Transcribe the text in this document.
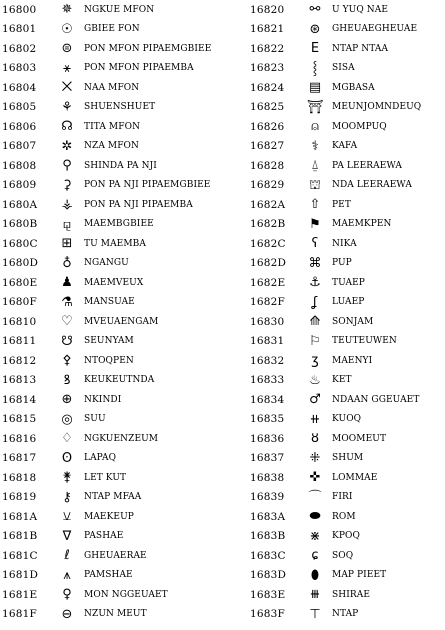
16800	✵	NGKUE MFON
16801	☉	GBIEE FON
16802	⊜	PON MFON PIPAEMGBIEE
16803	⚹	PON MFON PIPAEMBA
16804	⨉	NAA MFON
16805	⚘	SHUENSHUET
16806	☊	TITA MFON
16807	✲	NZA MFON
16808	⚲	SHINDA PA NJI
16809	⚳	PON PA NJI PIPAEMGBIEE
1680A	⚶	PON PA NJI PIPAEMBA
1680B	⚼	MAEMBGBIEE
1680C	⊞	TU MAEMBA
1680D	♁	NGANGU
1680E	♟	MAEMVEUX
1680F	⚗	MANSUAE
16810	♡	MVEUAENGAM
16811	☋	SEUNYAM
16812	⚴	NTOQPEN
16813	ꝸ	KEUKEUTNDA
16814	⊕	NKINDI
16815	◎	SUU
16816	♢	NGKUENZEUM
16817	ʘ	LAPAQ
16818	⚵	LET KUT
16819	⚷	NTAP MFAA
1681A	⚺	MAEKEUP
1681B	∇	PASHAE
1681C	ℓ	GHEUAERAE
1681D	⩚	PAMSHAE
1681E	♀	MON NGGEUAET
1681F	⊖	NZUN MEUT
16820	⚯	U YUQ NAE
16821	⊛	GHEUAEGHEUAE
16822	Ε	NTAP NTAA
16823	⸾	SISA
16824	▤	MGBASA
16825	⛩ MEUNJOMNDEUQ
16826	⍝	MOOMPUQ
16827	⚕	KAFA
16828	⍙	PA LEERAEWA
16829	⛫	NDA LEERAEWA
1682A	⇧	PET
1682B	⚑	MAEMKPEN
1682C	ʕ	NIKA
1682D	⌘	PUP
1682E	⚓	TUAEP
1682F	ʆ	LUAEP
16830	⟰	SONJAM
16831	⚐	TEUTEUWEN
16832	ʒ	MAENYI
16833	♨	KET
16834	♂	NDAAN GGEUAET
16835	⧺	KUOQ
16836	ȣ	MOOMEUT
16837	⁜	SHUM
16838	✜	LOMMAE
16839	⌒	FIRI
1683A	⬬	ROM
1683B	⋇	KPOQ
1683C	ɕ	SOQ
1683D	⬮	MAP PIEET
1683E	⧻	SHIRAE
1683F	⊤	NTAP
